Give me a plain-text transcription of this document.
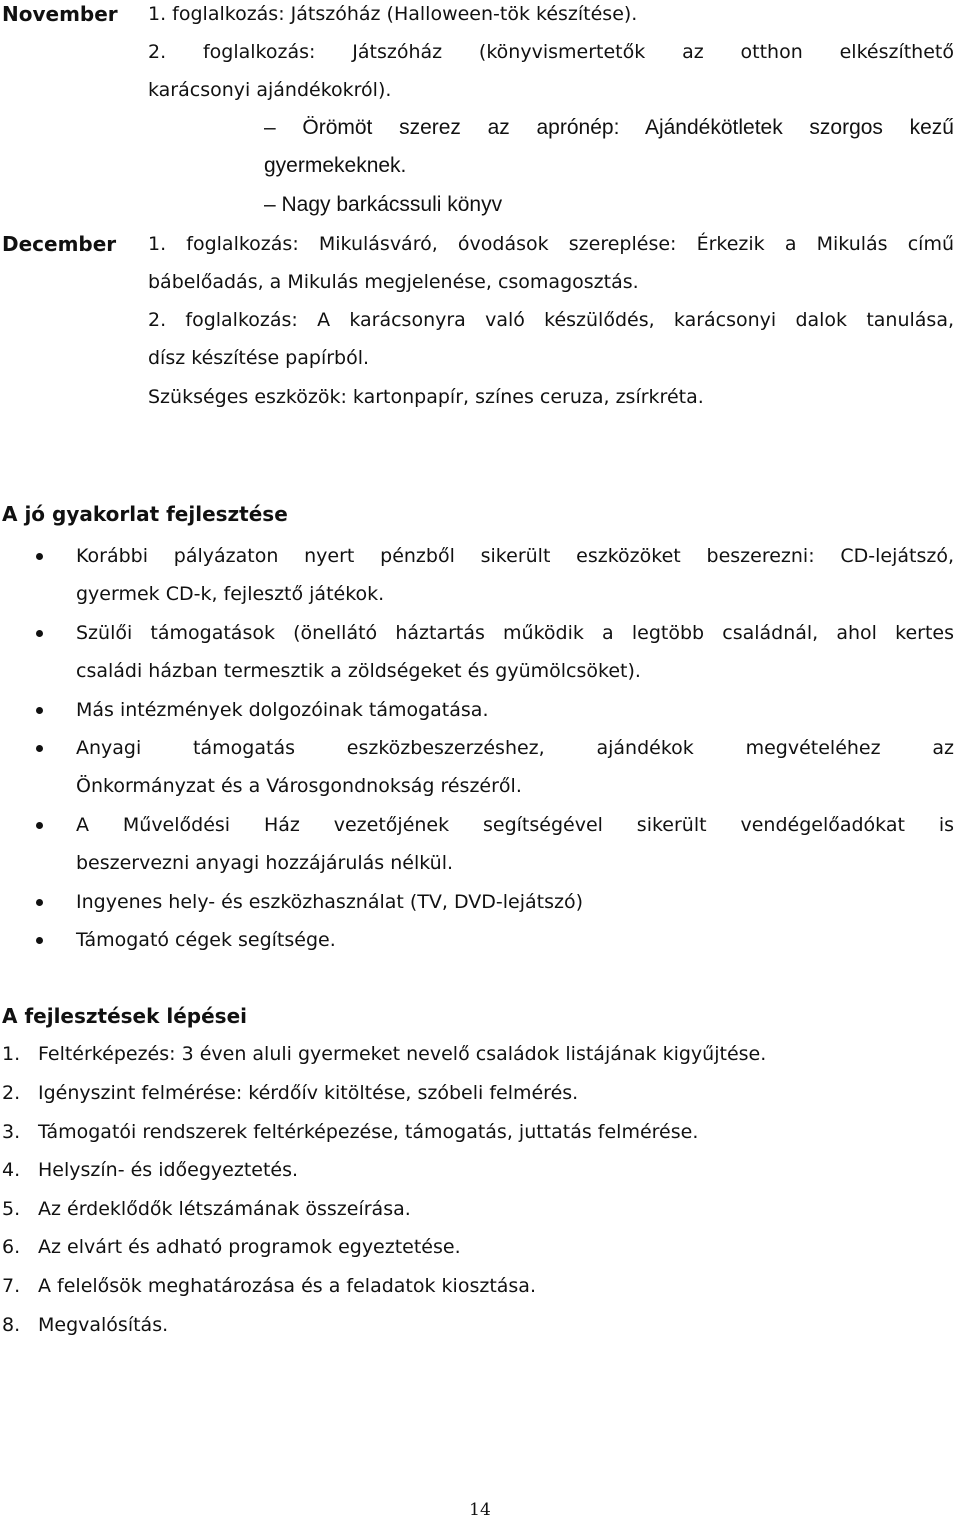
November 1. foglalkozás: Játszóház (Halloween-tök készítése).
2. foglalkozás: Játszóház (könyvismertetők az otthon elkészíthető
karácsonyi ajándékokról).
– Örömöt szerez az aprónép: Ajándékötletek szorgos kezű
gyermekeknek.
– Nagy barkácssuli könyv
December 1. foglalkozás: Mikulásváró, óvodások szereplése: Érkezik a Mikulás című
bábelőadás, a Mikulás megjelenése, csomagosztás.
2. foglalkozás: A karácsonyra való készülődés, karácsonyi dalok tanulása,
dísz készítése papírból.
Szükséges eszközök: kartonpapír, színes ceruza, zsírkréta.
A jó gyakorlat fejlesztése
Korábbi pályázaton nyert pénzből sikerült eszközöket beszerezni: CD-lejátszó,
gyermek CD-k, fejlesztő játékok.
Szülői támogatások (önellátó háztartás működik a legtöbb családnál, ahol kertes
családi házban termesztik a zöldségeket és gyümölcsöket).
Más intézmények dolgozóinak támogatása.
Anyagi támogatás eszközbeszerzéshez, ajándékok megvételéhez az
Önkormányzat és a Városgondnokság részéről.
A Művelődési Ház vezetőjének segítségével sikerült vendégelőadókat is
beszervezni anyagi hozzájárulás nélkül.
Ingyenes hely- és eszközhasználat (TV, DVD-lejátszó)
Támogató cégek segítsége.
A fejlesztések lépései
1. Feltérképezés: 3 éven aluli gyermeket nevelő családok listájának kigyűjtése.
2. Igényszint felmérése: kérdőív kitöltése, szóbeli felmérés.
3. Támogatói rendszerek feltérképezése, támogatás, juttatás felmérése.
4. Helyszín- és időegyeztetés.
5. Az érdeklődők létszámának összeírása.
6. Az elvárt és adható programok egyeztetése.
7. A felelősök meghatározása és a feladatok kiosztása.
8. Megvalósítás.
14
